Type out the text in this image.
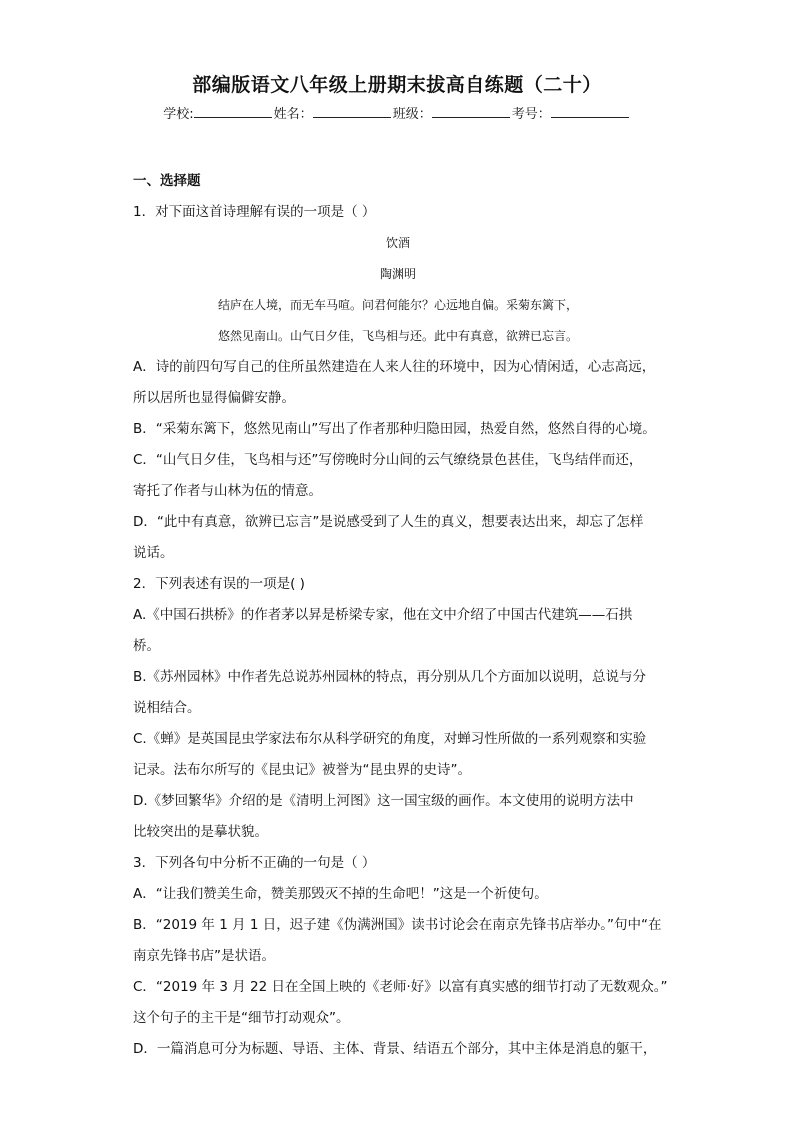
部编版语文八年级上册期末拔高自练题（二十）
学校:	姓名：	班级：	考号：
一、选择题
1．对下面这首诗理解有误的一项是（ ）
饮酒
陶渊明
结庐在人境，而无车马喧。问君何能尔？心远地自偏。采菊东篱下，
悠然见南山。山气日夕佳，飞鸟相与还。此中有真意，欲辨已忘言。
A．诗的前四句写自己的住所虽然建造在人来人往的环境中，因为心情闲适，心志高远，
所以居所也显得偏僻安静。
B．“采菊东篱下，悠然见南山”写出了作者那种归隐田园，热爱自然，悠然自得的心境。
C．“山气日夕佳，飞鸟相与还”写傍晚时分山间的云气缭绕景色甚佳，飞鸟结伴而还，
寄托了作者与山林为伍的情意。
D．“此中有真意，欲辨已忘言”是说感受到了人生的真义，想要表达出来，却忘了怎样
说话。
2．下列表述有误的一项是( )
A.《中国石拱桥》的作者茅以昇是桥梁专家，他在文中介绍了中国古代建筑——石拱
桥。
B.《苏州园林》中作者先总说苏州园林的特点，再分别从几个方面加以说明，总说与分
说相结合。
C.《蝉》是英国昆虫学家法布尔从科学研究的角度，对蝉习性所做的一系列观察和实验
记录。法布尔所写的《昆虫记》被誉为“昆虫界的史诗”。
D.《梦回繁华》介绍的是《清明上河图》这一国宝级的画作。本文使用的说明方法中
比较突出的是摹状貌。
3．下列各句中分析不正确的一句是（ ）
A．“让我们赞美生命，赞美那毁灭不掉的生命吧！”这是一个祈使句。
B．“2019 年 1 月 1 日，迟子建《伪满洲国》读书讨论会在南京先锋书店举办。”句中“在
南京先锋书店”是状语。
C．“2019 年 3 月 22 日在全国上映的《老师·好》以富有真实感的细节打动了无数观众。”
这个句子的主干是“细节打动观众”。
D．一篇消息可分为标题、导语、主体、背景、结语五个部分，其中主体是消息的躯干，
